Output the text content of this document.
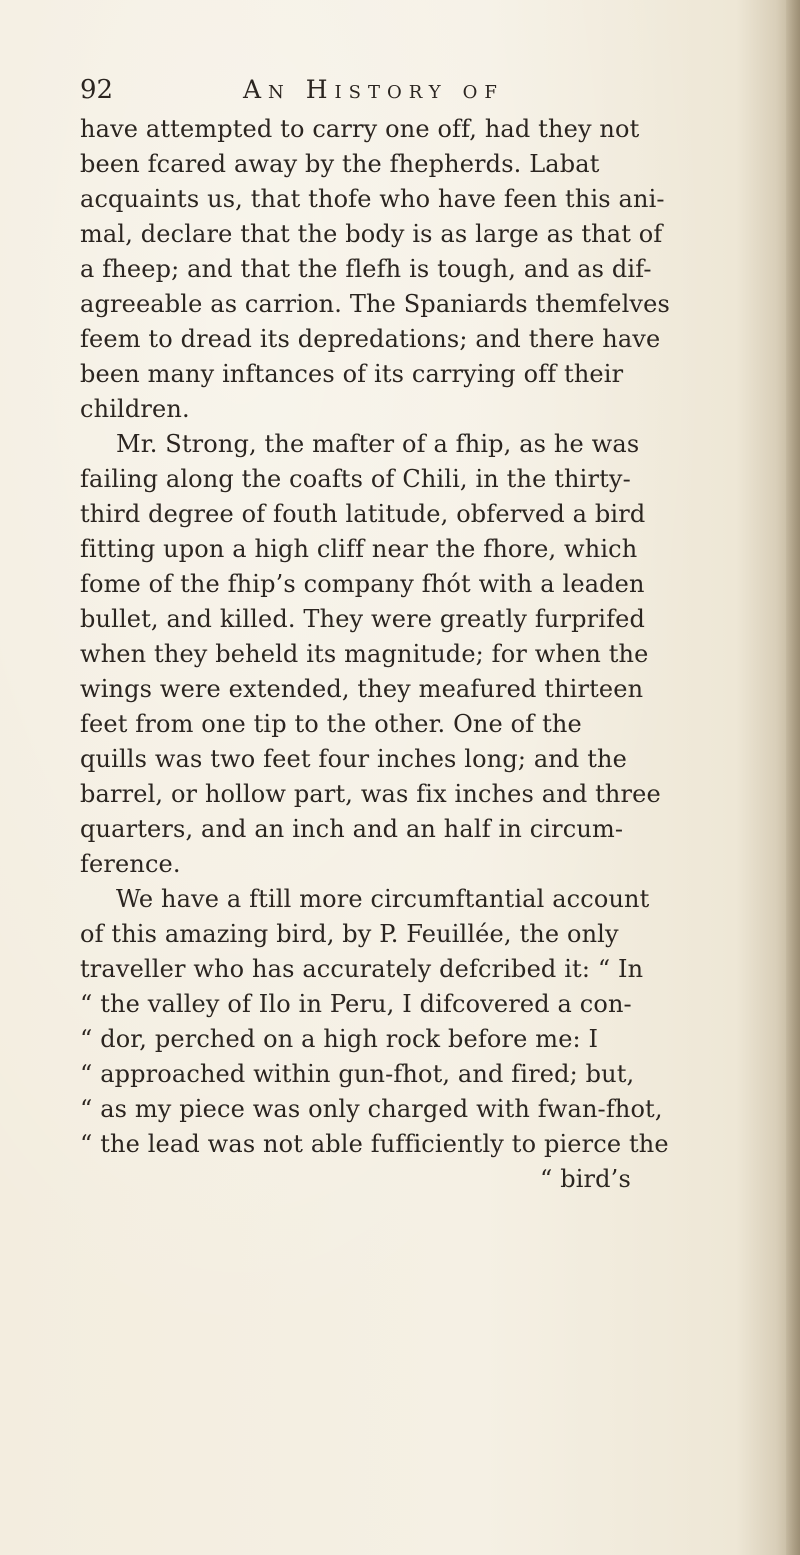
92	An History of
have attempted to carry one off, had they not
been fcared away by the fhepherds. Labat
acquaints us, that thofe who have feen this ani-
mal, declare that the body is as large as that of
a fheep; and that the flefh is tough, and as dif-
agreeable as carrion. The Spaniards themfelves
feem to dread its depredations; and there have
been many inftances of its carrying off their
children.
Mr. Strong, the mafter of a fhip, as he was
failing along the coafts of Chili, in the thirty-
third degree of fouth latitude, obferved a bird
fitting upon a high cliff near the fhore, which
fome of the fhip’s company fhót with a leaden
bullet, and killed. They were greatly furprifed
when they beheld its magnitude; for when the
wings were extended, they meafured thirteen
feet from one tip to the other. One of the
quills was two feet four inches long; and the
barrel, or hollow part, was fix inches and three
quarters, and an inch and an half in circum-
ference.
We have a ftill more circumftantial account
of this amazing bird, by P. Feuillée, the only
traveller who has accurately defcribed it: “ In
“ the valley of Ilo in Peru, I difcovered a con-
“ dor, perched on a high rock before me: I
“ approached within gun-fhot, and fired; but,
“ as my piece was only charged with fwan-fhot,
“ the lead was not able fufficiently to pierce the
“ bird’s
